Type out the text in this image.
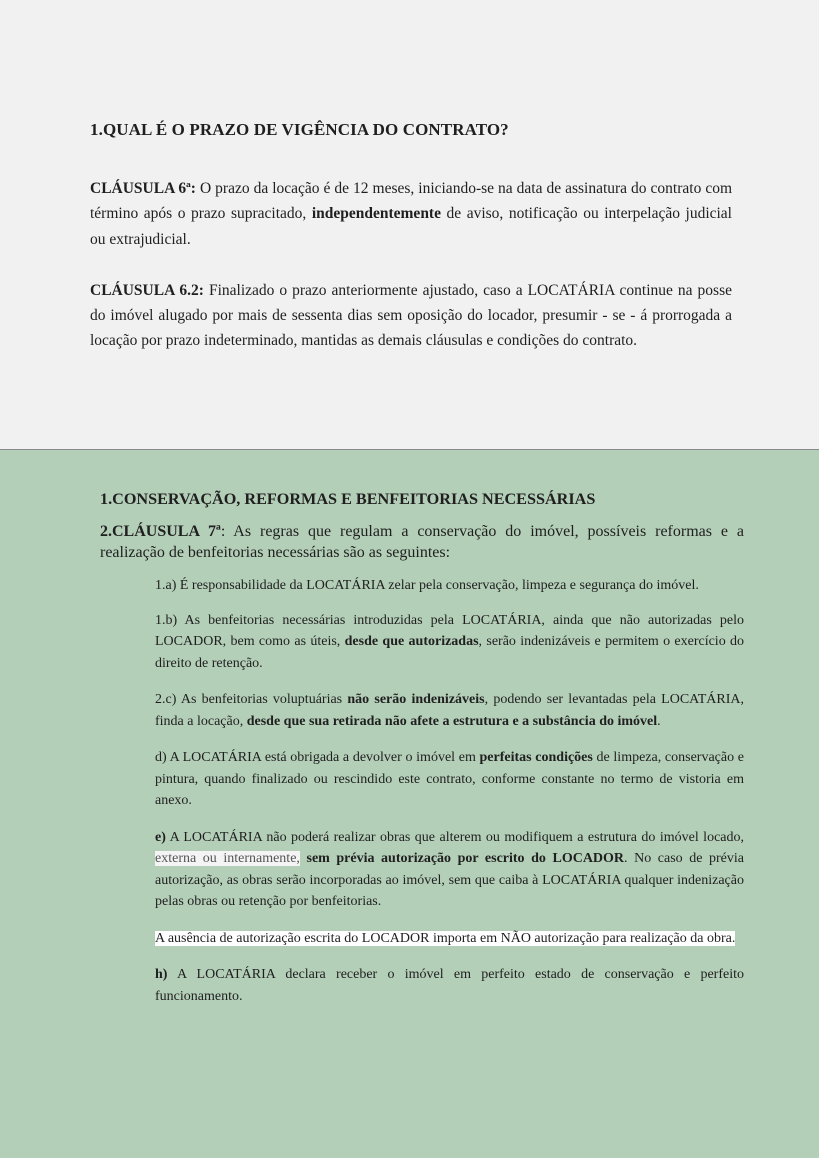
1.QUAL É O PRAZO DE VIGÊNCIA DO CONTRATO?

CLÁUSULA 6ª: O prazo da locação é de 12 meses, iniciando-se na data de assinatura do contrato com término após o prazo supracitado, independentemente de aviso, notificação ou interpelação judicial ou extrajudicial.

CLÁUSULA 6.2: Finalizado o prazo anteriormente ajustado, caso a LOCATÁRIA continue na posse do imóvel alugado por mais de sessenta dias sem oposição do locador, presumir - se - á prorrogada a locação por prazo indeterminado, mantidas as demais cláusulas e condições do contrato.

1.CONSERVAÇÃO, REFORMAS E BENFEITORIAS NECESSÁRIAS

2.CLÁUSULA 7ª: As regras que regulam a conservação do imóvel, possíveis reformas e a realização de benfeitorias necessárias são as seguintes:

1.a) É responsabilidade da LOCATÁRIA zelar pela conservação, limpeza e segurança do imóvel.

1.b) As benfeitorias necessárias introduzidas pela LOCATÁRIA, ainda que não autorizadas pelo LOCADOR, bem como as úteis, desde que autorizadas, serão indenizáveis e permitem o exercício do direito de retenção.

2.c) As benfeitorias voluptuárias não serão indenizáveis, podendo ser levantadas pela LOCATÁRIA, finda a locação, desde que sua retirada não afete a estrutura e a substância do imóvel.

d) A LOCATÁRIA está obrigada a devolver o imóvel em perfeitas condições de limpeza, conservação e pintura, quando finalizado ou rescindido este contrato, conforme constante no termo de vistoria em anexo.

e) A LOCATÁRIA não poderá realizar obras que alterem ou modifiquem a estrutura do imóvel locado, externa ou internamente, sem prévia autorização por escrito do LOCADOR. No caso de prévia autorização, as obras serão incorporadas ao imóvel, sem que caiba à LOCATÁRIA qualquer indenização pelas obras ou retenção por benfeitorias.

A ausência de autorização escrita do LOCADOR importa em NÃO autorização para realização da obra.

h) A LOCATÁRIA declara receber o imóvel em perfeito estado de conservação e perfeito funcionamento.
